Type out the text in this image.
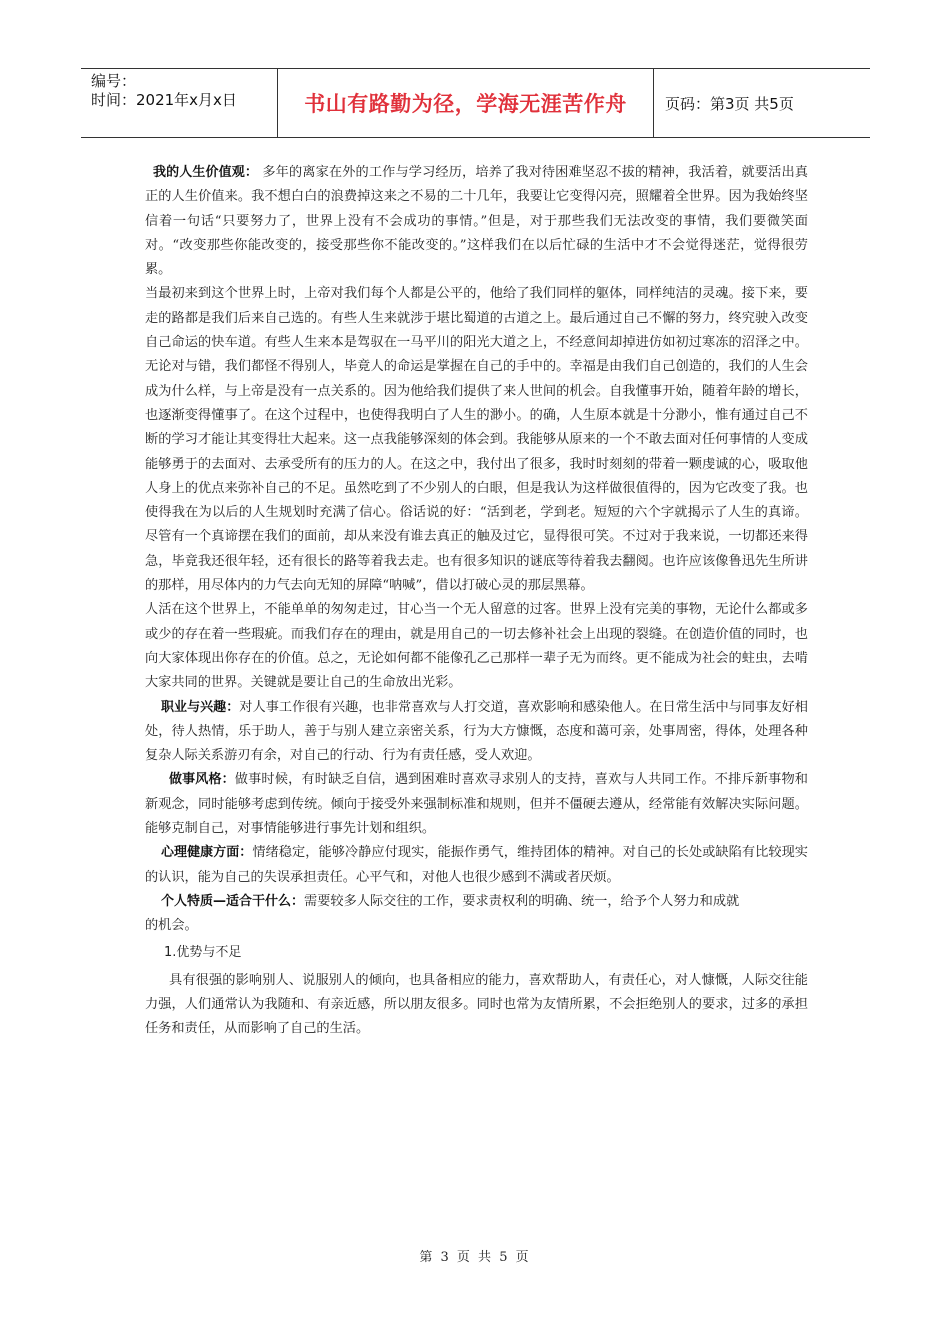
编号：
时间：2021年x月x日	书山有路勤为径，学海无涯苦作舟	页码：第3页 共5页

我的人生价值观： 多年的离家在外的工作与学习经历，培养了我对待困难坚忍不拔的精神，我活着，就要活出真正的人生价值来。我不想白白的浪费掉这来之不易的二十几年，我要让它变得闪亮，照耀着全世界。因为我始终坚信着一句话“只要努力了，世界上没有不会成功的事情。”但是，对于那些我们无法改变的事情，我们要微笑面对。“改变那些你能改变的，接受那些你不能改变的。”这样我们在以后忙碌的生活中才不会觉得迷茫，觉得很劳累。

当最初来到这个世界上时，上帝对我们每个人都是公平的，他给了我们同样的躯体，同样纯洁的灵魂。接下来，要走的路都是我们后来自己选的。有些人生来就涉于堪比蜀道的古道之上。最后通过自己不懈的努力，终究驶入改变自己命运的快车道。有些人生来本是驾驭在一马平川的阳光大道之上，不经意间却掉进仿如初过寒冻的沼泽之中。无论对与错，我们都怪不得别人，毕竟人的命运是掌握在自己的手中的。幸福是由我们自己创造的，我们的人生会成为什么样，与上帝是没有一点关系的。因为他给我们提供了来人世间的机会。自我懂事开始，随着年龄的增长，也逐渐变得懂事了。在这个过程中，也使得我明白了人生的渺小。的确，人生原本就是十分渺小，惟有通过自己不断的学习才能让其变得壮大起来。这一点我能够深刻的体会到。我能够从原来的一个不敢去面对任何事情的人变成能够勇于的去面对、去承受所有的压力的人。在这之中，我付出了很多，我时时刻刻的带着一颗虔诚的心，吸取他人身上的优点来弥补自己的不足。虽然吃到了不少别人的白眼，但是我认为这样做很值得的，因为它改变了我。也使得我在为以后的人生规划时充满了信心。俗话说的好：“活到老，学到老。短短的六个字就揭示了人生的真谛。尽管有一个真谛摆在我们的面前，却从来没有谁去真正的触及过它，显得很可笑。不过对于我来说，一切都还来得急，毕竟我还很年轻，还有很长的路等着我去走。也有很多知识的谜底等待着我去翻阅。也许应该像鲁迅先生所讲的那样，用尽体内的力气去向无知的屏障“呐喊”，借以打破心灵的那层黑幕。

人活在这个世界上，不能单单的匆匆走过，甘心当一个无人留意的过客。世界上没有完美的事物，无论什么都或多或少的存在着一些瑕疵。而我们存在的理由，就是用自己的一切去修补社会上出现的裂缝。在创造价值的同时，也向大家体现出你存在的价值。总之，无论如何都不能像孔乙己那样一辈子无为而终。更不能成为社会的蛀虫，去啃大家共同的世界。关键就是要让自己的生命放出光彩。

职业与兴趣：对人事工作很有兴趣，也非常喜欢与人打交道，喜欢影响和感染他人。在日常生活中与同事友好相处，待人热情，乐于助人，善于与别人建立亲密关系，行为大方慷慨，态度和蔼可亲，处事周密，得体，处理各种复杂人际关系游刃有余，对自己的行动、行为有责任感，受人欢迎。

做事风格：做事时候，有时缺乏自信，遇到困难时喜欢寻求别人的支持，喜欢与人共同工作。不排斥新事物和新观念，同时能够考虑到传统。倾向于接受外来强制标准和规则，但并不僵硬去遵从，经常能有效解决实际问题。能够克制自己，对事情能够进行事先计划和组织。

心理健康方面：情绪稳定，能够冷静应付现实，能振作勇气，维持团体的精神。对自己的长处或缺陷有比较现实的认识，能为自己的失误承担责任。心平气和，对他人也很少感到不满或者厌烦。

个人特质—适合干什么：需要较多人际交往的工作，要求责权利的明确、统一，给予个人努力和成就
的机会。

1.优势与不足

具有很强的影响别人、说服别人的倾向，也具备相应的能力，喜欢帮助人，有责任心，对人慷慨，人际交往能力强，人们通常认为我随和、有亲近感，所以朋友很多。同时也常为友情所累，不会拒绝别人的要求，过多的承担任务和责任，从而影响了自己的生活。

第 3 页 共 5 页
